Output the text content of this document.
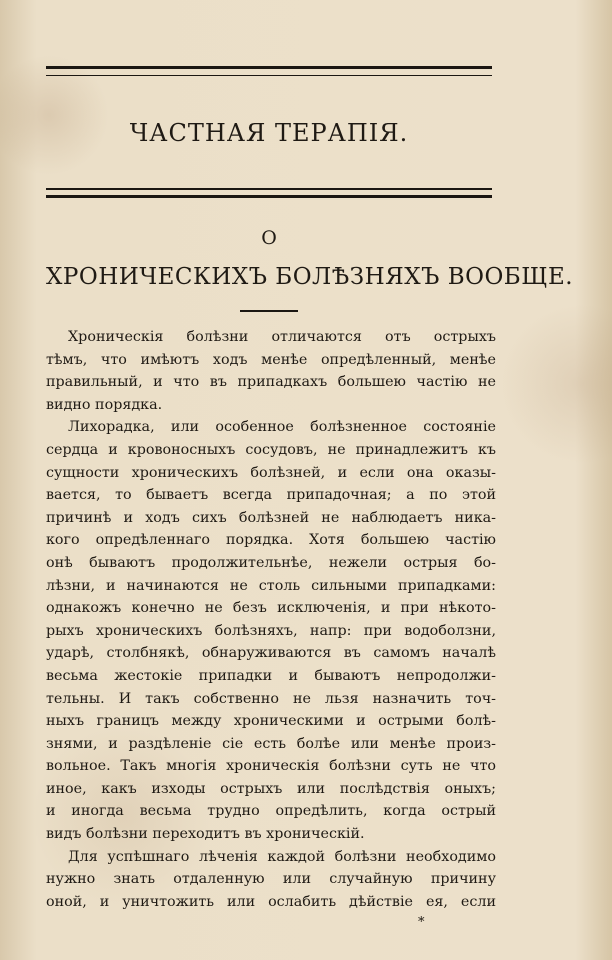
ЧАСТНАЯ ТЕРАПІЯ.
О
ХРОНИЧЕСКИХЪ БОЛѢЗНЯХЪ ВООБЩЕ.
Хроническія болѣзни отличаются отъ острыхъ
тѣмъ, что имѣютъ ходъ менѣе опредѣленный, менѣе
правильный, и что въ припадкахъ большею частію не
видно порядка.
Лихорадка, или особенное болѣзненное состояніе
сердца и кровоносныхъ сосудовъ, не принадлежитъ къ
сущности хроническихъ болѣзней, и если она оказы-
вается, то бываетъ всегда припадочная; а по этой
причинѣ и ходъ сихъ болѣзней не наблюдаетъ ника-
кого опредѣленнаго порядка. Хотя большею частію
онѣ бываютъ продолжительнѣе, нежели острыя бо-
лѣзни, и начинаются не столь сильными припадками:
однакожъ конечно не безъ исключенія, и при нѣкото-
рыхъ хроническихъ болѣзняхъ, напр: при водоболзни,
ударѣ, столбнякѣ, обнаруживаются въ самомъ началѣ
весьма жестокіе припадки и бываютъ непродолжи-
тельны. И такъ собственно не льзя назначить точ-
ныхъ границъ между хроническими и острыми болѣ-
знями, и раздѣленіе сіе есть болѣе или менѣе произ-
вольное. Такъ многія хроническія болѣзни суть не что
иное, какъ изходы острыхъ или послѣдствія оныхъ;
и иногда весьма трудно опредѣлить, когда острый
видъ болѣзни переходитъ въ хроническій.
Для успѣшнаго лѣченія каждой болѣзни необходимо
нужно знать отдаленную или случайную причину
оной, и уничтожить или ослабить дѣйствіе ея, если
*
